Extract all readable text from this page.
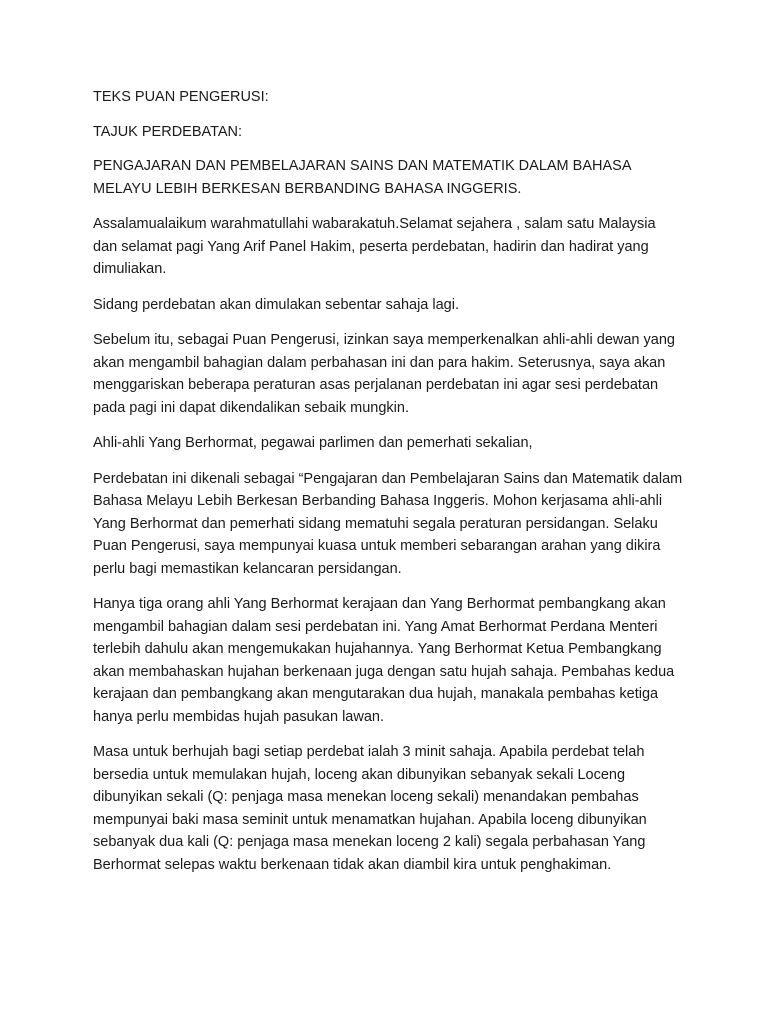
TEKS PUAN PENGERUSI:

TAJUK PERDEBATAN:

PENGAJARAN DAN PEMBELAJARAN SAINS DAN MATEMATIK DALAM BAHASA MELAYU LEBIH BERKESAN BERBANDING BAHASA INGGERIS.

Assalamualaikum warahmatullahi wabarakatuh.Selamat sejahera , salam satu Malaysia dan selamat pagi Yang Arif Panel Hakim, peserta perdebatan, hadirin dan hadirat yang dimuliakan.

Sidang perdebatan akan dimulakan sebentar sahaja lagi.

Sebelum itu, sebagai Puan Pengerusi, izinkan saya memperkenalkan ahli-ahli dewan yang akan mengambil bahagian dalam perbahasan ini dan para hakim. Seterusnya, saya akan menggariskan beberapa peraturan asas perjalanan perdebatan ini agar sesi perdebatan pada pagi ini dapat dikendalikan sebaik mungkin.

Ahli-ahli Yang Berhormat, pegawai parlimen dan pemerhati sekalian,

Perdebatan ini dikenali sebagai “Pengajaran dan Pembelajaran Sains dan Matematik dalam Bahasa Melayu Lebih Berkesan Berbanding Bahasa Inggeris. Mohon kerjasama ahli-ahli Yang Berhormat dan pemerhati sidang mematuhi segala peraturan persidangan. Selaku Puan Pengerusi, saya mempunyai kuasa untuk memberi sebarangan arahan yang dikira perlu bagi memastikan kelancaran persidangan.

Hanya tiga orang ahli Yang Berhormat kerajaan dan Yang Berhormat pembangkang akan mengambil bahagian dalam sesi perdebatan ini. Yang Amat Berhormat Perdana Menteri terlebih dahulu akan mengemukakan hujahannya. Yang Berhormat Ketua Pembangkang akan membahaskan hujahan berkenaan juga dengan satu hujah sahaja. Pembahas kedua kerajaan dan pembangkang akan mengutarakan dua hujah, manakala pembahas ketiga hanya perlu membidas hujah pasukan lawan.

Masa untuk berhujah bagi setiap perdebat ialah 3 minit sahaja. Apabila perdebat telah bersedia untuk memulakan hujah, loceng akan dibunyikan sebanyak sekali Loceng dibunyikan sekali (Q: penjaga masa menekan loceng sekali) menandakan pembahas mempunyai baki masa seminit untuk menamatkan hujahan. Apabila loceng dibunyikan sebanyak dua kali (Q: penjaga masa menekan loceng 2 kali) segala perbahasan Yang Berhormat selepas waktu berkenaan tidak akan diambil kira untuk penghakiman.
